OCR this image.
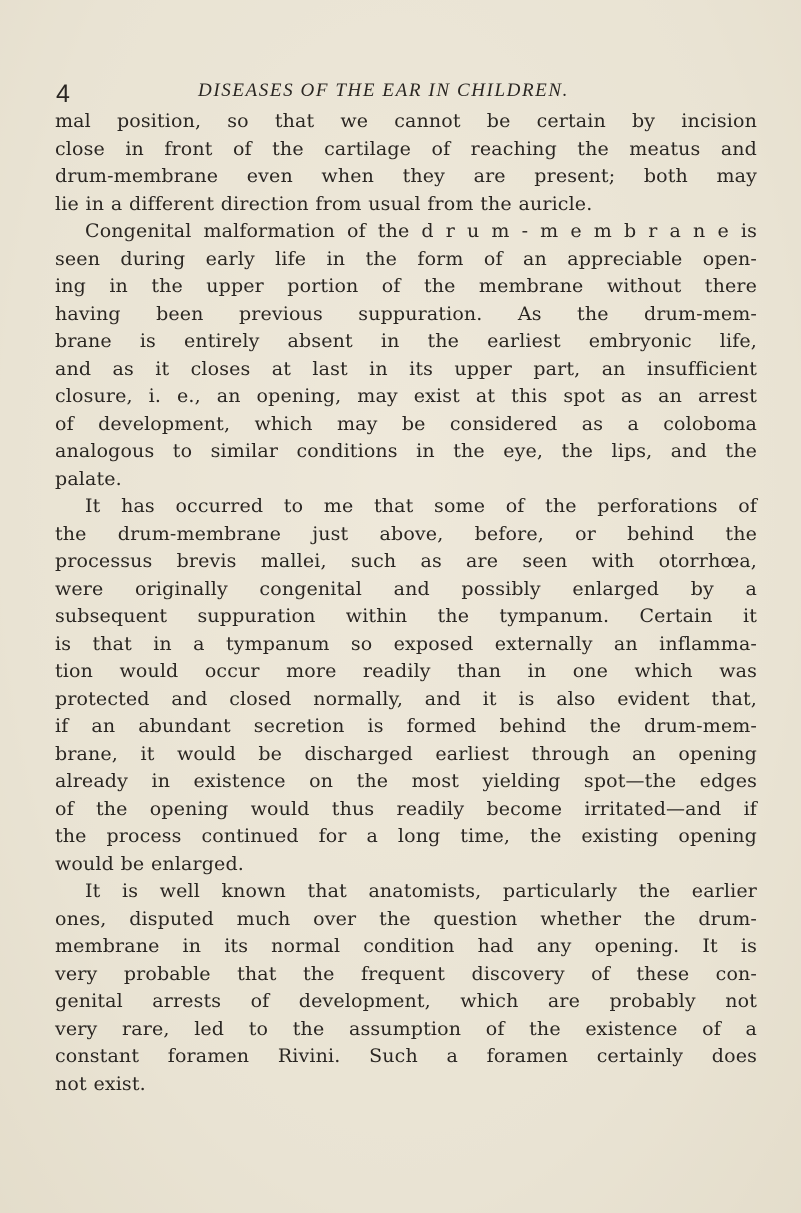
4	DISEASES OF THE EAR IN CHILDREN.
mal position, so that we cannot be certain by incision
close in front of the cartilage of reaching the meatus and
drum-membrane even when they are present; both may
lie in a different direction from usual from the auricle.
Congenital malformation of the d r u m - m e m b r a n e is
seen during early life in the form of an appreciable open-
ing in the upper portion of the membrane without there
having been previous suppuration. As the drum-mem-
brane is entirely absent in the earliest embryonic life,
and as it closes at last in its upper part, an insufficient
closure, i. e., an opening, may exist at this spot as an arrest
of development, which may be considered as a coloboma
analogous to similar conditions in the eye, the lips, and the
palate.
It has occurred to me that some of the perforations of
the drum-membrane just above, before, or behind the
processus brevis mallei, such as are seen with otorrhœa,
were originally congenital and possibly enlarged by a
subsequent suppuration within the tympanum. Certain it
is that in a tympanum so exposed externally an inflamma-
tion would occur more readily than in one which was
protected and closed normally, and it is also evident that,
if an abundant secretion is formed behind the drum-mem-
brane, it would be discharged earliest through an opening
already in existence on the most yielding spot—the edges
of the opening would thus readily become irritated—and if
the process continued for a long time, the existing opening
would be enlarged.
It is well known that anatomists, particularly the earlier
ones, disputed much over the question whether the drum-
membrane in its normal condition had any opening. It is
very probable that the frequent discovery of these con-
genital arrests of development, which are probably not
very rare, led to the assumption of the existence of a
constant foramen Rivini. Such a foramen certainly does
not exist.
